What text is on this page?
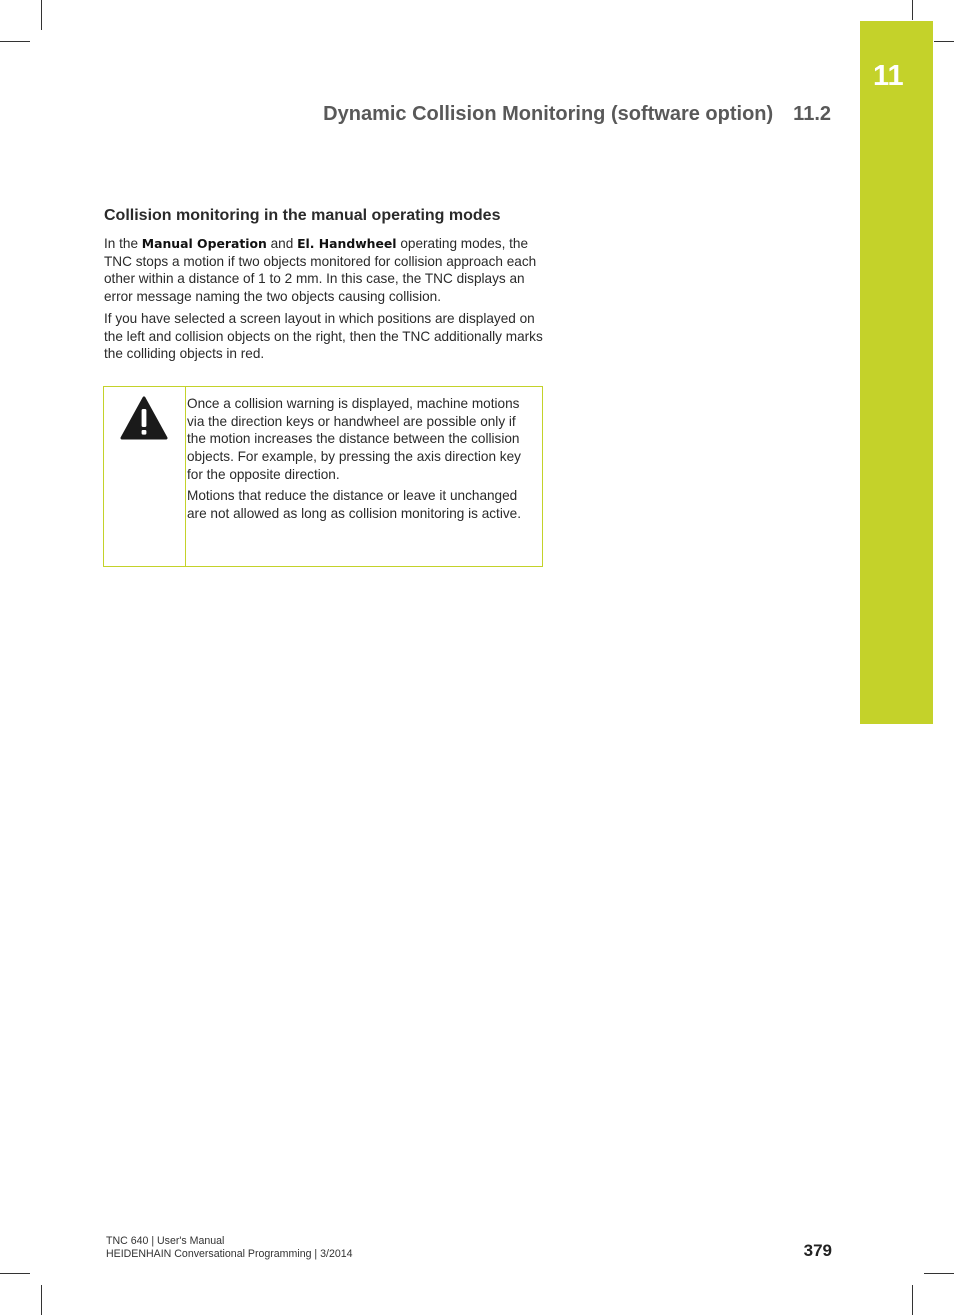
11
Dynamic Collision Monitoring (software option) 11.2
Collision monitoring in the manual operating modes

In the Manual Operation and El. Handwheel operating modes, the TNC stops a motion if two objects monitored for collision approach each other within a distance of 1 to 2 mm. In this case, the TNC displays an error message naming the two objects causing collision.

If you have selected a screen layout in which positions are displayed on the left and collision objects on the right, then the TNC additionally marks the colliding objects in red.

Once a collision warning is displayed, machine motions via the direction keys or handwheel are possible only if the motion increases the distance between the collision objects. For example, by pressing the axis direction key for the opposite direction.

Motions that reduce the distance or leave it unchanged are not allowed as long as collision monitoring is active.

TNC 640 | User's Manual
HEIDENHAIN Conversational Programming | 3/2014	379
